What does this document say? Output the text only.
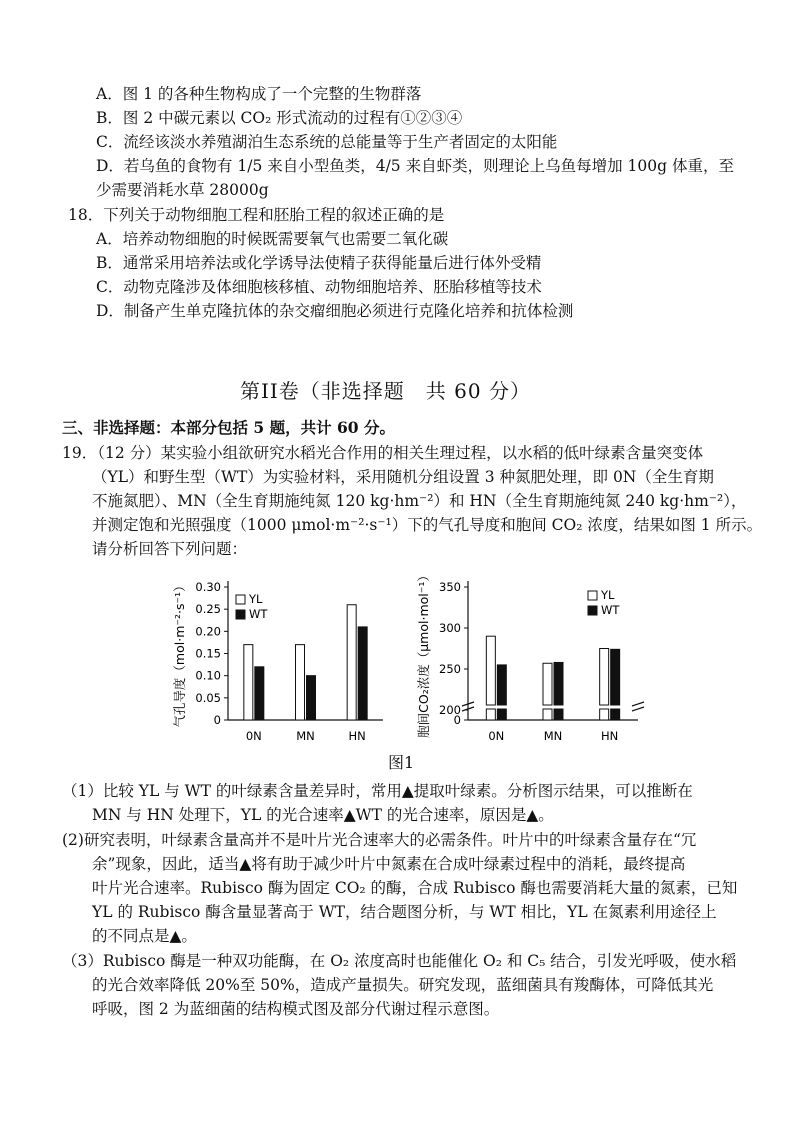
A．图 1 的各种生物构成了一个完整的生物群落
B．图 2 中碳元素以 CO₂ 形式流动的过程有①②③④
C．流经该淡水养殖湖泊生态系统的总能量等于生产者固定的太阳能
D．若乌鱼的食物有 1/5 来自小型鱼类，4/5 来自虾类，则理论上乌鱼每增加 100g 体重，至
少需要消耗水草 28000g
18．下列关于动物细胞工程和胚胎工程的叙述正确的是
A．培养动物细胞的时候既需要氧气也需要二氧化碳
B．通常采用培养法或化学诱导法使精子获得能量后进行体外受精
C．动物克隆涉及体细胞核移植、动物细胞培养、胚胎移植等技术
D．制备产生单克隆抗体的杂交瘤细胞必须进行克隆化培养和抗体检测
第II卷（非选择题　共 60 分）
三、非选择题：本部分包括 5 题，共计 60 分。
19．（12 分）某实验小组欲研究水稻光合作用的相关生理过程，以水稻的低叶绿素含量突变体
（YL）和野生型（WT）为实验材料，采用随机分组设置 3 种氮肥处理，即 0N（全生育期
不施氮肥）、MN（全生育期施纯氮 120 kg·hm⁻²）和 HN（全生育期施纯氮 240 kg·hm⁻²），
并测定饱和光照强度（1000 μmol·m⁻²·s⁻¹）下的气孔导度和胞间 CO₂ 浓度，结果如图 1 所示。
请分析回答下列问题：
气孔导度（mol·m⁻²·s⁻¹） 0
0.05
0.10
0.15
0.20
0.25
0.30
0N	MN	HN
YL
WT	胞间CO₂浓度（μmol·mol⁻¹） 0
200
250
300
350
0N	MN	HN
YL
WT
图1
（1）比较 YL 与 WT 的叶绿素含量差异时，常用▲提取叶绿素。分析图示结果，可以推断在
MN 与 HN 处理下，YL 的光合速率▲WT 的光合速率，原因是▲。
(2)研究表明，叶绿素含量高并不是叶片光合速率大的必需条件。叶片中的叶绿素含量存在“冗
余”现象，因此，适当▲将有助于减少叶片中氮素在合成叶绿素过程中的消耗，最终提高
叶片光合速率。Rubisco 酶为固定 CO₂ 的酶，合成 Rubisco 酶也需要消耗大量的氮素，已知
YL 的 Rubisco 酶含量显著高于 WT，结合题图分析，与 WT 相比，YL 在氮素利用途径上
的不同点是▲。
（3）Rubisco 酶是一种双功能酶，在 O₂ 浓度高时也能催化 O₂ 和 C₅ 结合，引发光呼吸，使水稻
的光合效率降低 20%至 50%，造成产量损失。研究发现，蓝细菌具有羧酶体，可降低其光
呼吸，图 2 为蓝细菌的结构模式图及部分代谢过程示意图。
